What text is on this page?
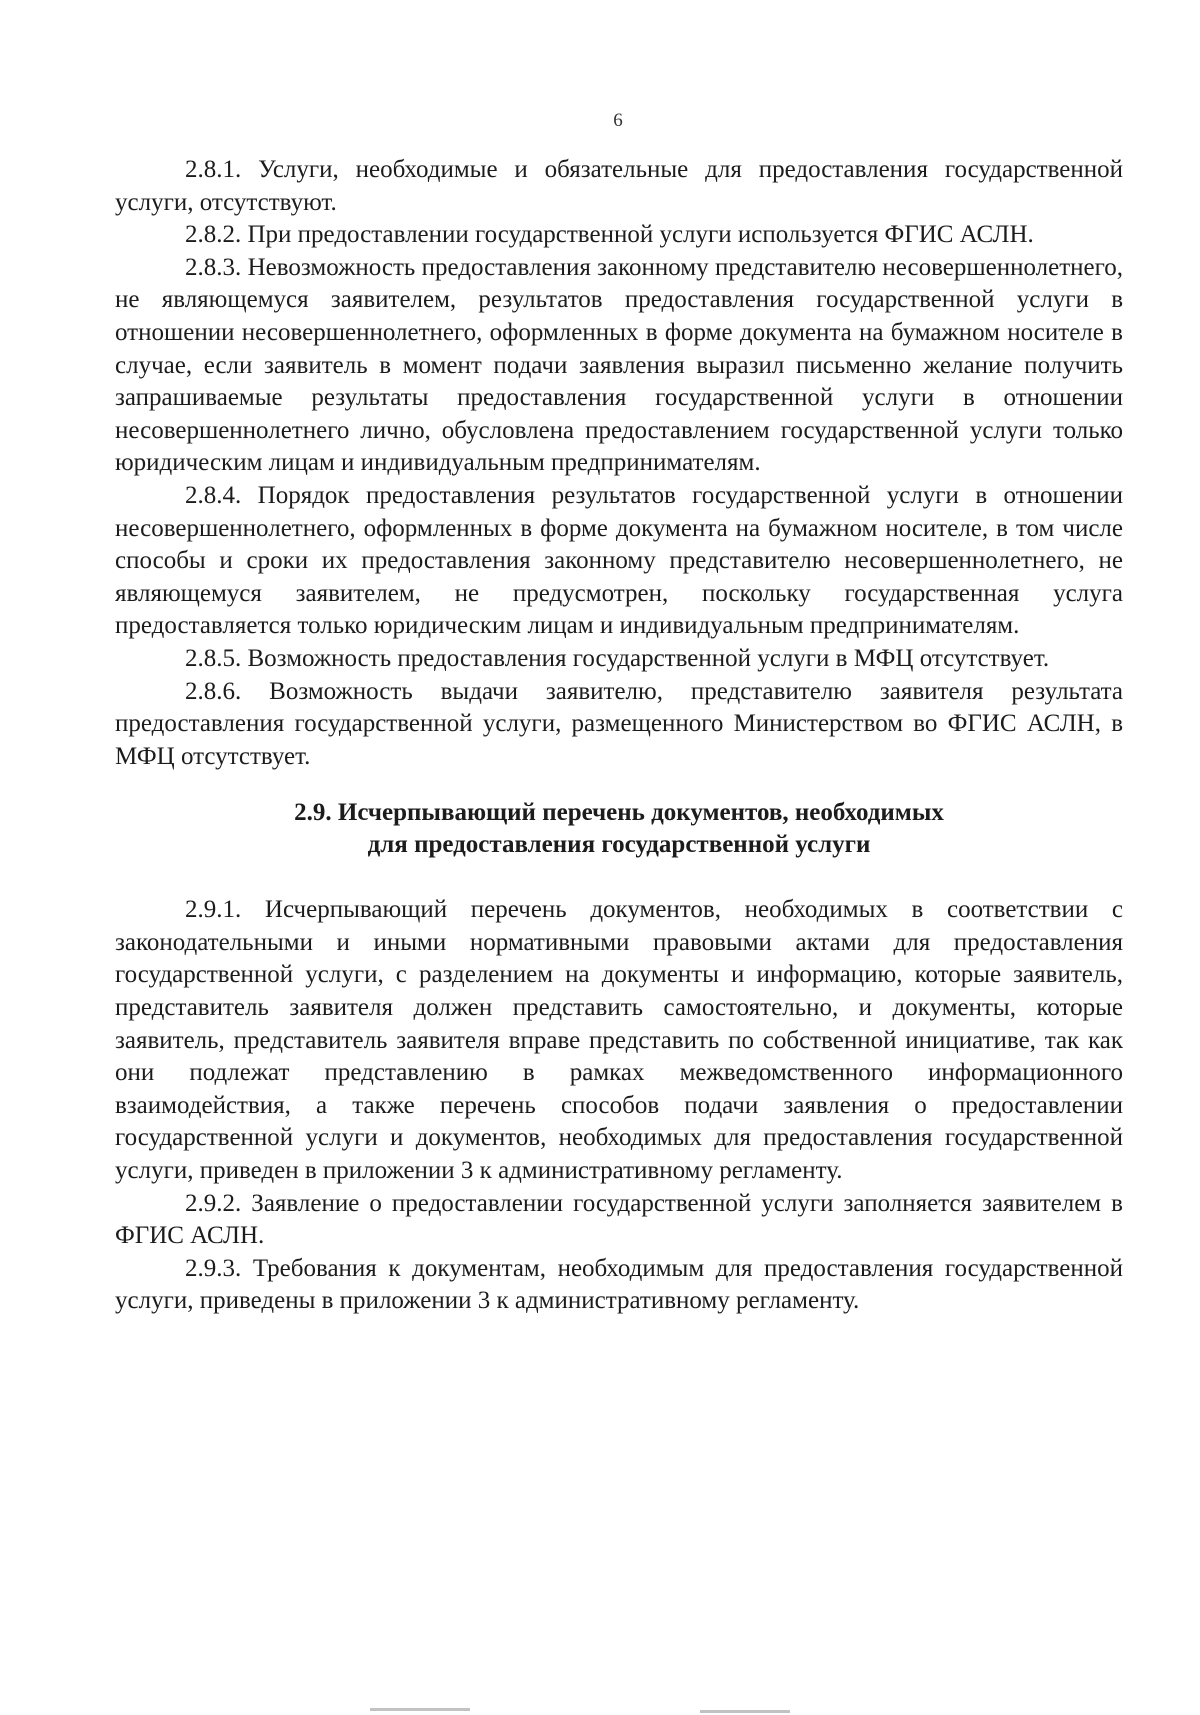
6

2.8.1. Услуги, необходимые и обязательные для предоставления государственной услуги, отсутствуют.

2.8.2. При предоставлении государственной услуги используется ФГИС АСЛН.

2.8.3. Невозможность предоставления законному представителю несовершеннолетнего, не являющемуся заявителем, результатов предоставления государственной услуги в отношении несовершеннолетнего, оформленных в форме документа на бумажном носителе в случае, если заявитель в момент подачи заявления выразил письменно желание получить запрашиваемые результаты предоставления государственной услуги в отношении несовершеннолетнего лично, обусловлена предоставлением государственной услуги только юридическим лицам и индивидуальным предпринимателям.

2.8.4. Порядок предоставления результатов государственной услуги в отношении несовершеннолетнего, оформленных в форме документа на бумажном носителе, в том числе способы и сроки их предоставления законному представителю несовершеннолетнего, не являющемуся заявителем, не предусмотрен, поскольку государственная услуга предоставляется только юридическим лицам и индивидуальным предпринимателям.

2.8.5. Возможность предоставления государственной услуги в МФЦ отсутствует.

2.8.6. Возможность выдачи заявителю, представителю заявителя результата предоставления государственной услуги, размещенного Министерством во ФГИС АСЛН, в МФЦ отсутствует.

2.9. Исчерпывающий перечень документов, необходимых
для предоставления государственной услуги

2.9.1. Исчерпывающий перечень документов, необходимых в соответствии с законодательными и иными нормативными правовыми актами для предоставления государственной услуги, с разделением на документы и информацию, которые заявитель, представитель заявителя должен представить самостоятельно, и документы, которые заявитель, представитель заявителя вправе представить по собственной инициативе, так как они подлежат представлению в рамках межведомственного информационного взаимодействия, а также перечень способов подачи заявления о предоставлении государственной услуги и документов, необходимых для предоставления государственной услуги, приведен в приложении 3 к административному регламенту.

2.9.2. Заявление о предоставлении государственной услуги заполняется заявителем в ФГИС АСЛН.

2.9.3. Требования к документам, необходимым для предоставления государственной услуги, приведены в приложении 3 к административному регламенту.
